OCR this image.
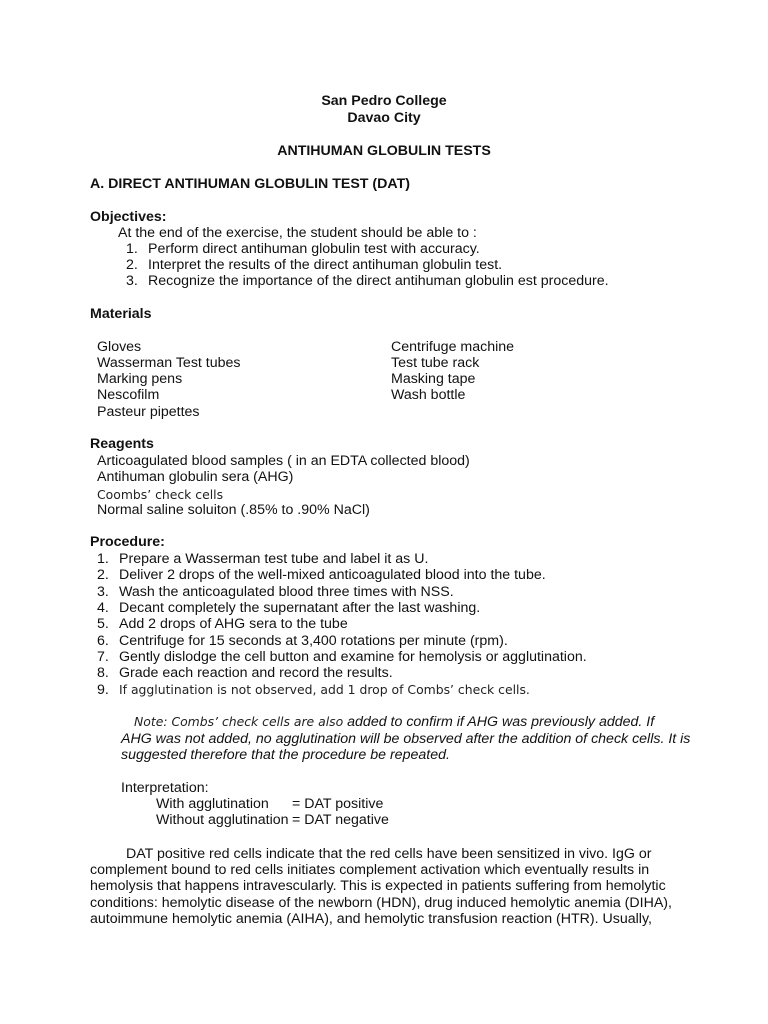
San Pedro College
Davao City
ANTIHUMAN GLOBULIN TESTS
A. DIRECT ANTIHUMAN GLOBULIN TEST (DAT)
Objectives:
At the end of the exercise, the student should be able to :
1. Perform direct antihuman globulin test with accuracy.
2. Interpret the results of the direct antihuman globulin test.
3. Recognize the importance of the direct antihuman globulin est procedure.
Materials
Gloves
Wasserman Test tubes
Marking pens
Nescofilm
Pasteur pipettes
Centrifuge machine
Test tube rack
Masking tape
Wash bottle
Reagents
Articoagulated blood samples ( in an EDTA collected blood)
Antihuman globulin sera (AHG)
Coombs’ check cells
Normal saline soluiton (.85% to .90% NaCl)
Procedure:
1. Prepare a Wasserman test tube and label it as U.
2. Deliver 2 drops of the well-mixed anticoagulated blood into the tube.
3. Wash the anticoagulated blood three times with NSS.
4. Decant completely the supernatant after the last washing.
5. Add 2 drops of AHG sera to the tube
6. Centrifuge for 15 seconds at 3,400 rotations per minute (rpm).
7. Gently dislodge the cell button and examine for hemolysis or agglutination.
8. Grade each reaction and record the results.
9. If agglutination is not observed, add 1 drop of Combs’ check cells.
Note: Combs’ check cells are also added to confirm if AHG was previously added. If
AHG was not added, no agglutination will be observed after the addition of check cells. It is
suggested therefore that the procedure be repeated.
Interpretation:
With agglutination = DAT positive
Without agglutination = DAT negative
DAT positive red cells indicate that the red cells have been sensitized in vivo. IgG or
complement bound to red cells initiates complement activation which eventually results in
hemolysis that happens intravescularly. This is expected in patients suffering from hemolytic
conditions: hemolytic disease of the newborn (HDN), drug induced hemolytic anemia (DIHA),
autoimmune hemolytic anemia (AIHA), and hemolytic transfusion reaction (HTR). Usually,
